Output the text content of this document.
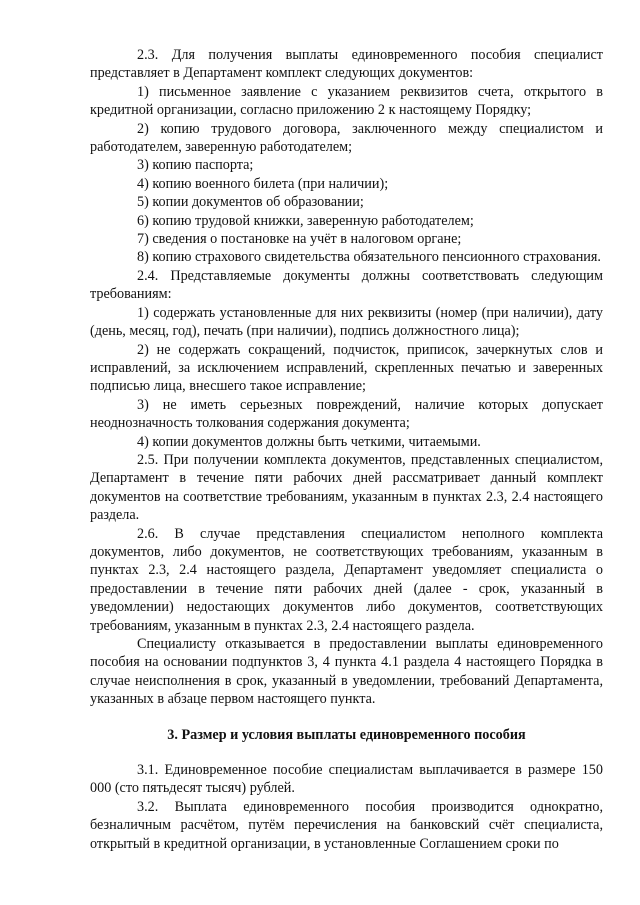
2.3. Для получения выплаты единовременного пособия специалист представляет в Департамент комплект следующих документов:

1) письменное заявление с указанием реквизитов счета, открытого в кредитной организации, согласно приложению 2 к настоящему Порядку;

2) копию трудового договора, заключенного между специалистом и работодателем, заверенную работодателем;

3) копию паспорта;

4) копию военного билета (при наличии);

5) копии документов об образовании;

6) копию трудовой книжки, заверенную работодателем;

7) сведения о постановке на учёт в налоговом органе;

8) копию страхового свидетельства обязательного пенсионного страхования.

2.4. Представляемые документы должны соответствовать следующим требованиям:

1) содержать установленные для них реквизиты (номер (при наличии), дату (день, месяц, год), печать (при наличии), подпись должностного лица);

2) не содержать сокращений, подчисток, приписок, зачеркнутых слов и исправлений, за исключением исправлений, скрепленных печатью и заверенных подписью лица, внесшего такое исправление;

3) не иметь серьезных повреждений, наличие которых допускает неоднозначность толкования содержания документа;

4) копии документов должны быть четкими, читаемыми.

2.5. При получении комплекта документов, представленных специалистом, Департамент в течение пяти рабочих дней рассматривает данный комплект документов на соответствие требованиям, указанным в пунктах 2.3, 2.4 настоящего раздела.

2.6. В случае представления специалистом неполного комплекта документов, либо документов, не соответствующих требованиям, указанным в пунктах 2.3, 2.4 настоящего раздела, Департамент уведомляет специалиста о предоставлении в течение пяти рабочих дней (далее - срок, указанный в уведомлении) недостающих документов либо документов, соответствующих требованиям, указанным в пунктах 2.3, 2.4 настоящего раздела.

Специалисту отказывается в предоставлении выплаты единовременного пособия на основании подпунктов 3, 4 пункта 4.1 раздела 4 настоящего Порядка в случае неисполнения в срок, указанный в уведомлении, требований Департамента, указанных в абзаце первом настоящего пункта.

3. Размер и условия выплаты единовременного пособия

3.1. Единовременное пособие специалистам выплачивается в размере 150 000 (сто пятьдесят тысяч) рублей.

3.2. Выплата единовременного пособия производится однократно, безналичным расчётом, путём перечисления на банковский счёт специалиста, открытый в кредитной организации, в установленные Соглашением сроки по
